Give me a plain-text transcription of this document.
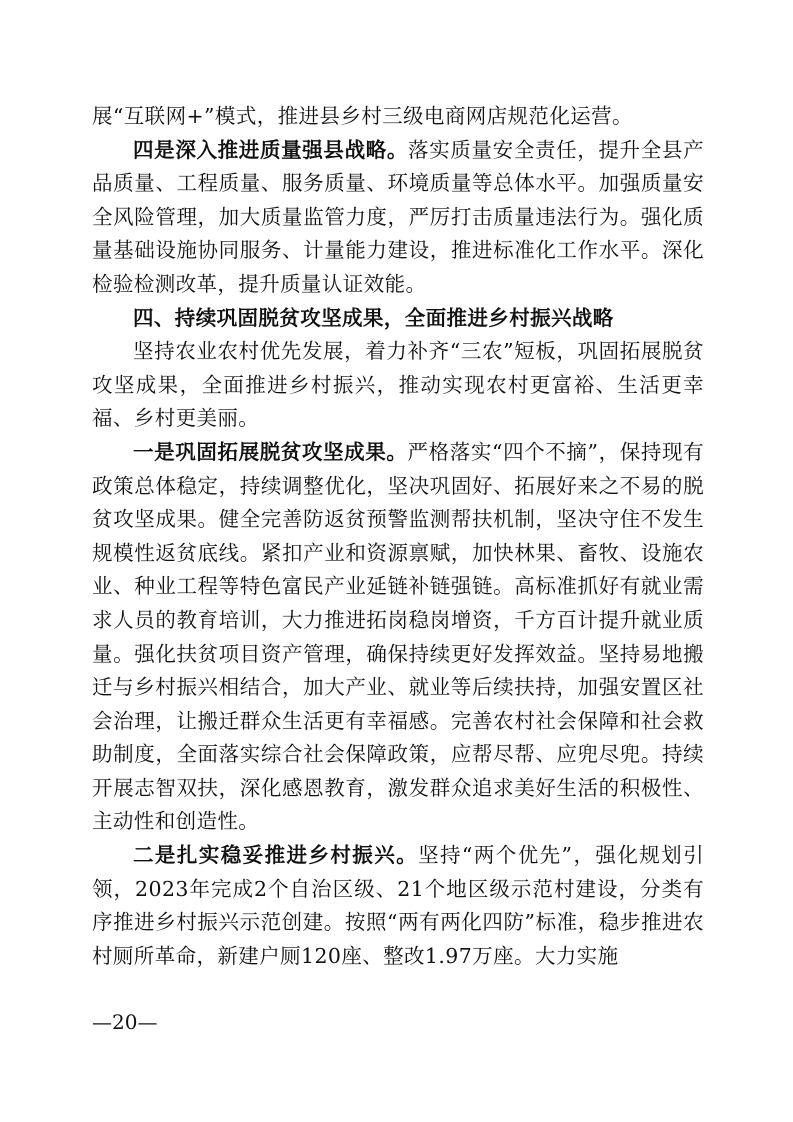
展“互联网+”模式，推进县乡村三级电商网店规范化运营。

四是深入推进质量强县战略。落实质量安全责任，提升全县产品质量、工程质量、服务质量、环境质量等总体水平。加强质量安全风险管理，加大质量监管力度，严厉打击质量违法行为。强化质量基础设施协同服务、计量能力建设，推进标准化工作水平。深化检验检测改革，提升质量认证效能。

四、持续巩固脱贫攻坚成果，全面推进乡村振兴战略

坚持农业农村优先发展，着力补齐“三农”短板，巩固拓展脱贫攻坚成果，全面推进乡村振兴，推动实现农村更富裕、生活更幸福、乡村更美丽。

一是巩固拓展脱贫攻坚成果。严格落实“四个不摘”，保持现有政策总体稳定，持续调整优化，坚决巩固好、拓展好来之不易的脱贫攻坚成果。健全完善防返贫预警监测帮扶机制，坚决守住不发生规模性返贫底线。紧扣产业和资源禀赋，加快林果、畜牧、设施农业、种业工程等特色富民产业延链补链强链。高标准抓好有就业需求人员的教育培训，大力推进拓岗稳岗增资，千方百计提升就业质量。强化扶贫项目资产管理，确保持续更好发挥效益。坚持易地搬迁与乡村振兴相结合，加大产业、就业等后续扶持，加强安置区社会治理，让搬迁群众生活更有幸福感。完善农村社会保障和社会救助制度，全面落实综合社会保障政策，应帮尽帮、应兜尽兜。持续开展志智双扶，深化感恩教育，激发群众追求美好生活的积极性、主动性和创造性。

二是扎实稳妥推进乡村振兴。坚持“两个优先”，强化规划引领，2023年完成2个自治区级、21个地区级示范村建设，分类有序推进乡村振兴示范创建。按照“两有两化四防”标准，稳步推进农村厕所革命，新建户厕120座、整改1.97万座。大力实施

—20—
